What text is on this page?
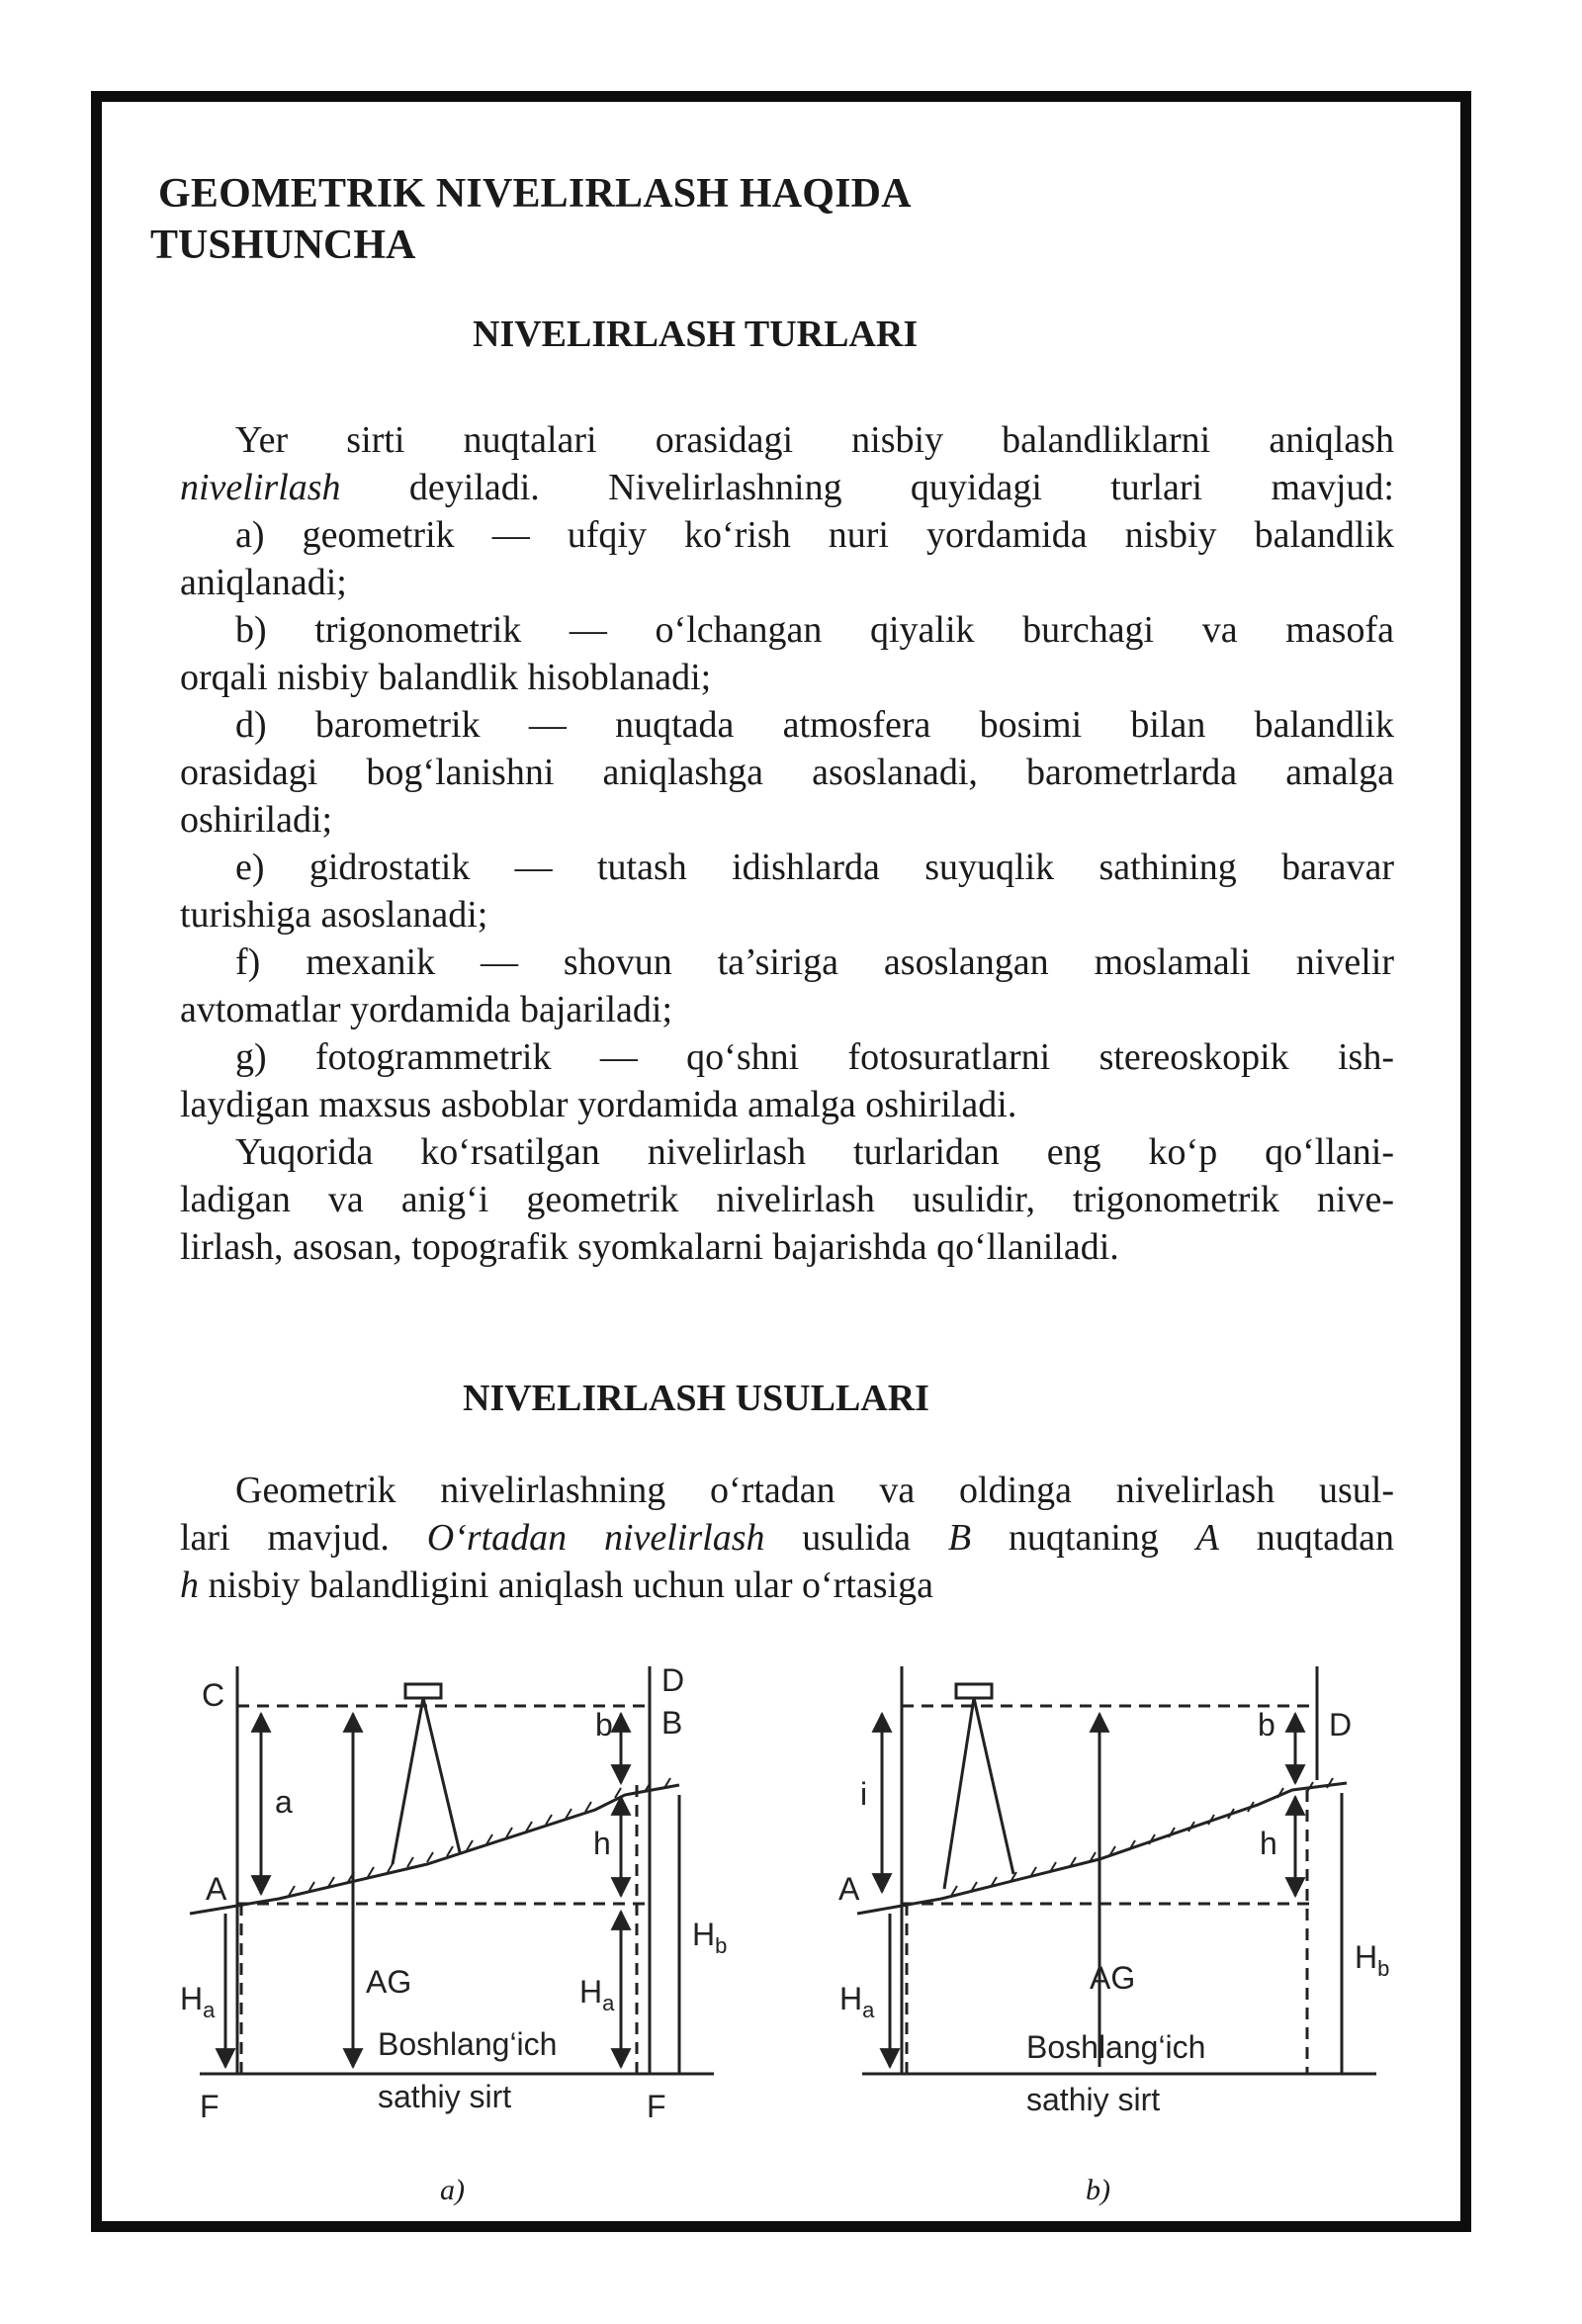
GEOMETRIK NIVELIRLASH HAQIDA
TUSHUNCHA
NIVELIRLASH TURLARI
Yer sirti nuqtalari orasidagi nisbiy balandliklarni aniqlash
nivelirlash deyiladi. Nivelirlashning quyidagi turlari mavjud:
a) geometrik — ufqiy ko‘rish nuri yordamida nisbiy balandlik
aniqlanadi;
b) trigonometrik — o‘lchangan qiyalik burchagi va masofa
orqali nisbiy balandlik hisoblanadi;
d) barometrik — nuqtada atmosfera bosimi bilan balandlik
orasidagi bog‘lanishni aniqlashga asoslanadi, barometrlarda amalga
oshiriladi;
e) gidrostatik — tutash idishlarda suyuqlik sathining baravar
turishiga asoslanadi;
f) mexanik — shovun ta’siriga asoslangan moslamali nivelir
avtomatlar yordamida bajariladi;
g) fotogrammetrik — qo‘shni fotosuratlarni stereoskopik ish-
laydigan maxsus asboblar yordamida amalga oshiriladi.
Yuqorida ko‘rsatilgan nivelirlash turlaridan eng ko‘p qo‘llani-
ladigan va anig‘i geometrik nivelirlash usulidir, trigonometrik nive-
lirlash, asosan, topografik syomkalarni bajarishda qo‘llaniladi.
NIVELIRLASH USULLARI
Geometrik nivelirlashning o‘rtadan va oldinga nivelirlash usul-
lari mavjud. O‘rtadan nivelirlash usulida B nuqtaning A nuqtadan
h nisbiy balandligini aniqlash uchun ular o‘rtasiga
C	D
B
b
a
h
A
AG
$H_a$
$H_a$
$H_b$
Boshlang‘ich
sathiy sirt
F	F
i
b D
h
A
AG
$H_a$
$H_b$
Boshlang‘ich
sathiy sirt
a)	b)
